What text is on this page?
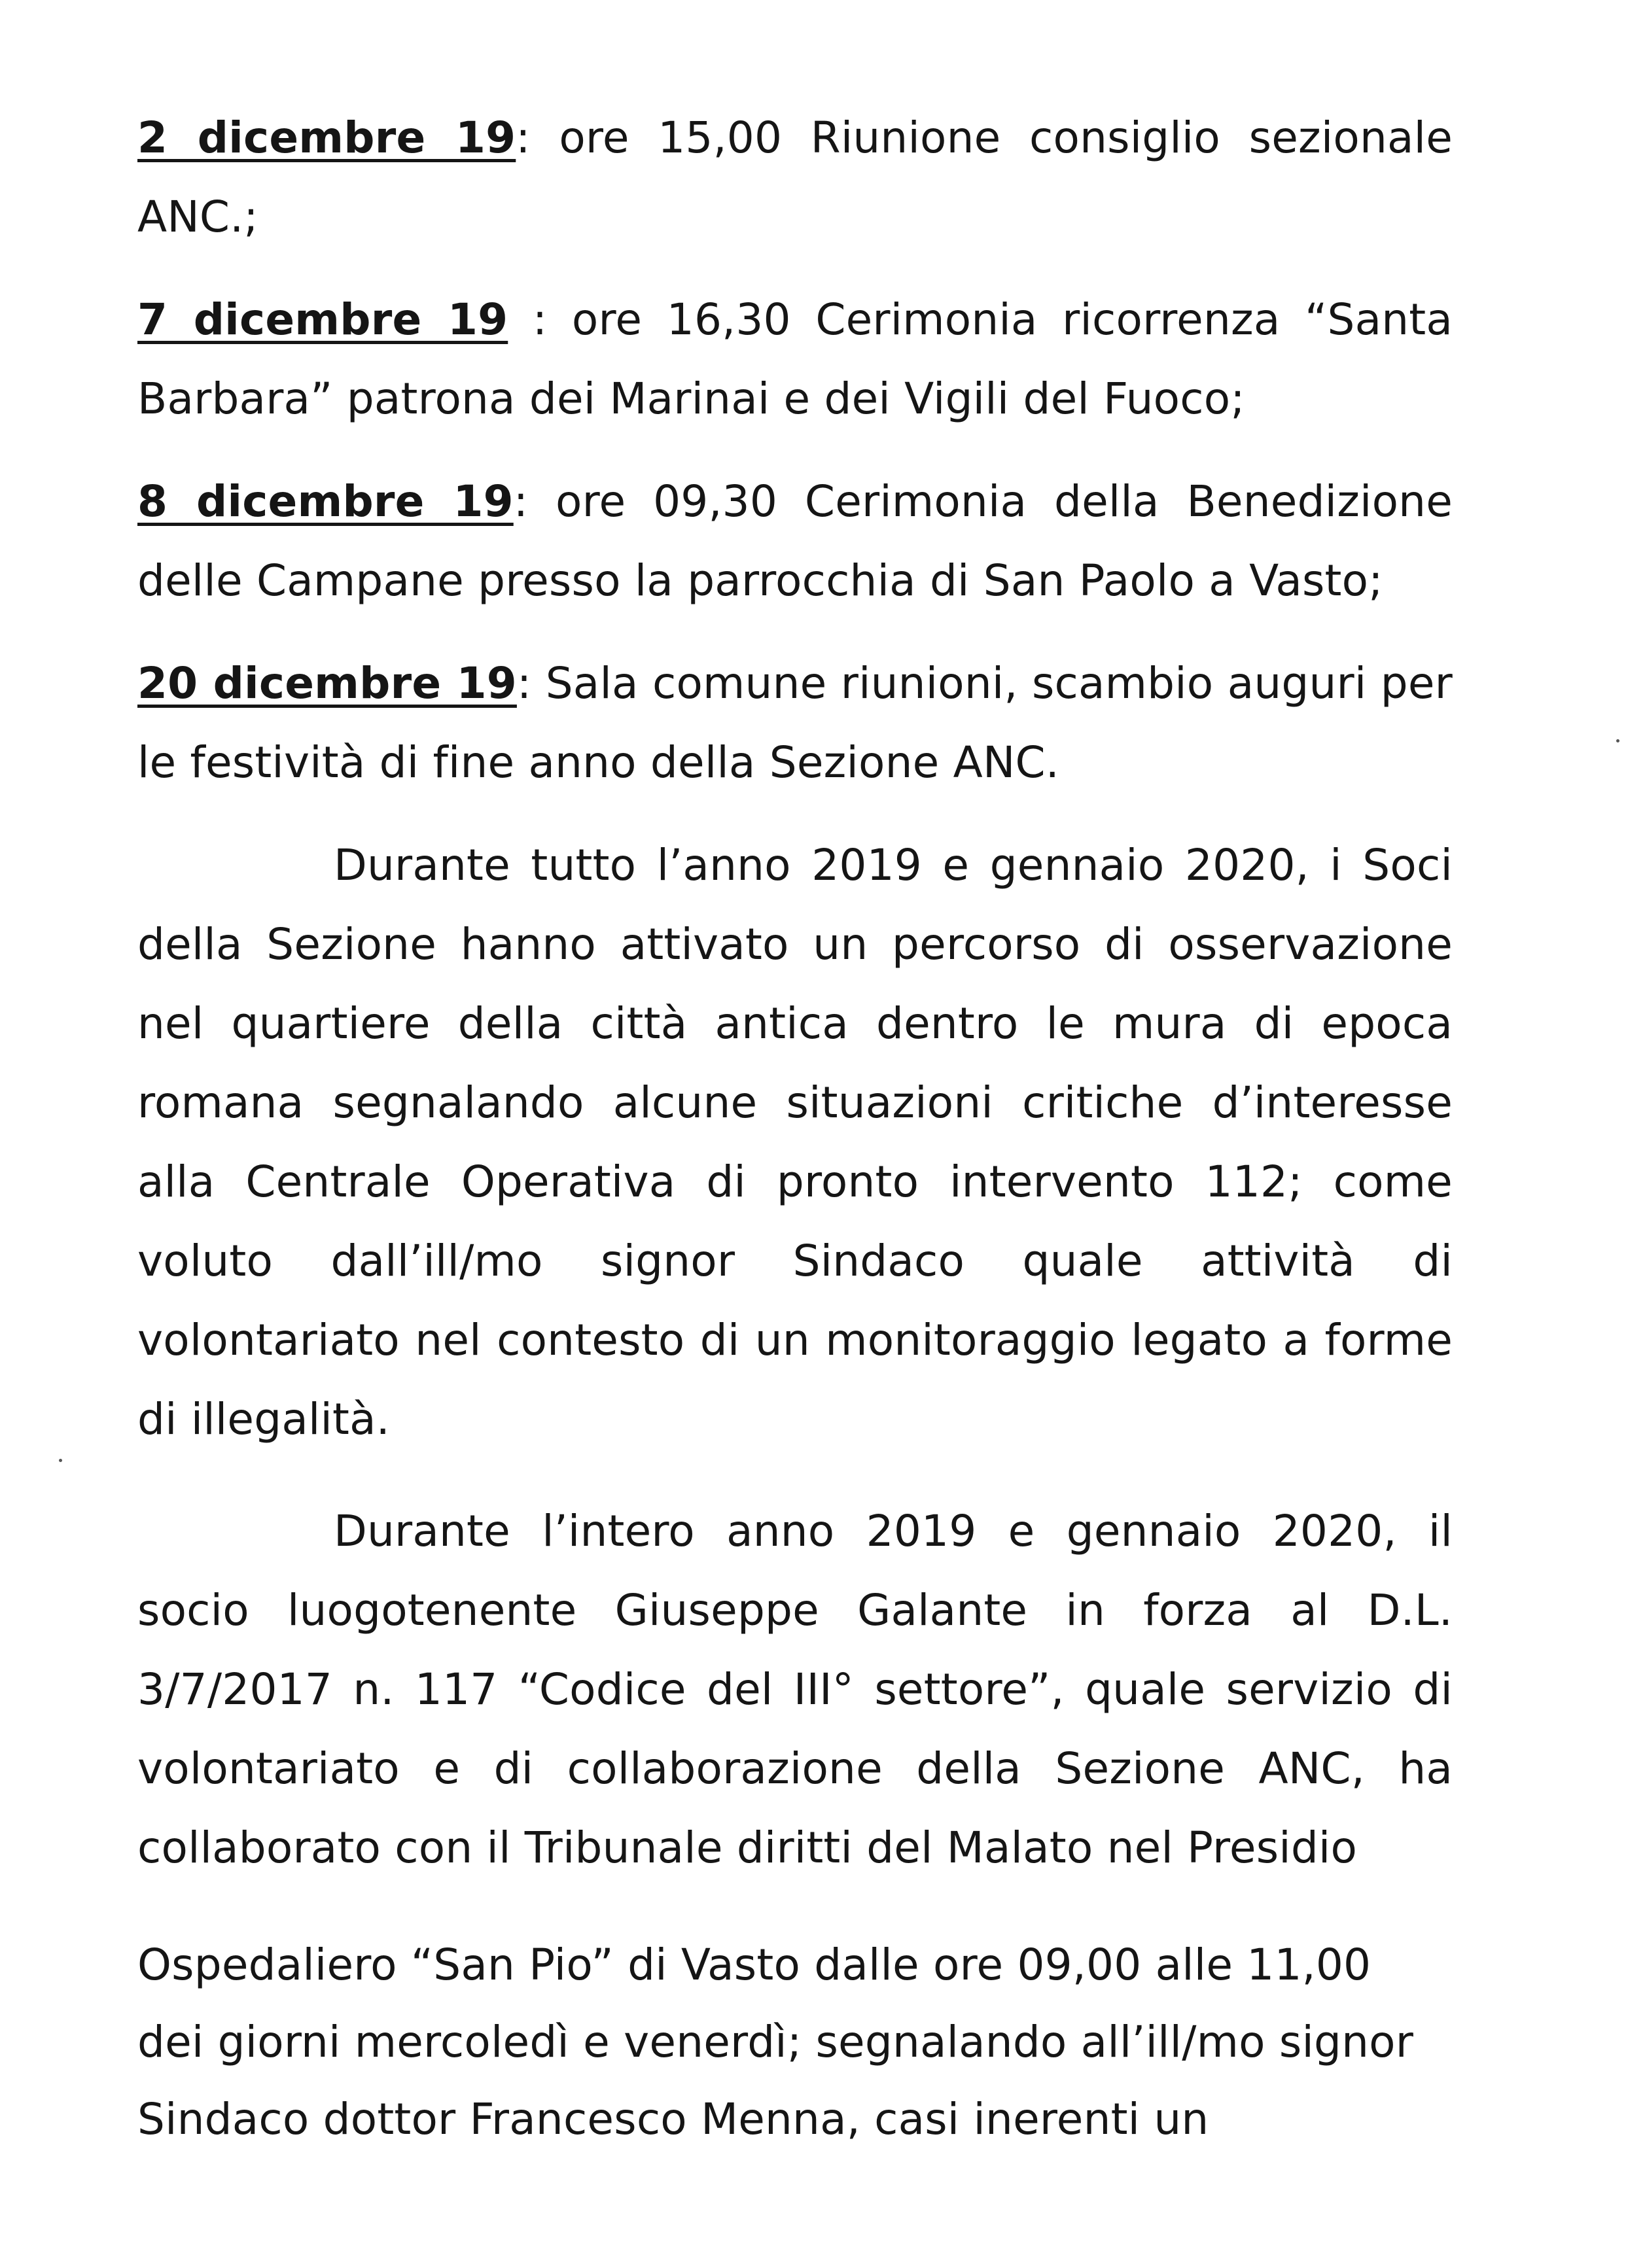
2 dicembre 19: ore 15,00 Riunione consiglio sezionale ANC.;

7 dicembre 19 : ore 16,30 Cerimonia ricorrenza “Santa Barbara” patrona dei Marinai e dei Vigili del Fuoco;

8 dicembre 19: ore 09,30 Cerimonia della Benedizione delle Campane presso la parrocchia di San Paolo a Vasto;

20 dicembre 19: Sala comune riunioni, scambio auguri per le festività di fine anno della Sezione ANC.

Durante tutto l’anno 2019 e gennaio 2020, i Soci della Sezione hanno attivato un percorso di osservazione nel quartiere della città antica dentro le mura di epoca romana segnalando alcune situazioni critiche d’interesse alla Centrale Operativa di pronto intervento 112; come voluto dall’ill/mo signor Sindaco quale attività di volontariato nel contesto di un monitoraggio legato a forme di illegalità.

Durante l’intero anno 2019 e gennaio 2020, il socio luogotenente Giuseppe Galante in forza al D.L. 3/7/2017 n. 117 “Codice del III° settore”, quale servizio di volontariato e di collaborazione della Sezione ANC, ha collaborato con il Tribunale diritti del Malato nel Presidio

Ospedaliero “San Pio” di Vasto dalle ore 09,00 alle 11,00
dei giorni mercoledì e venerdì; segnalando all’ill/mo signor
Sindaco dottor Francesco Menna, casi inerenti un
